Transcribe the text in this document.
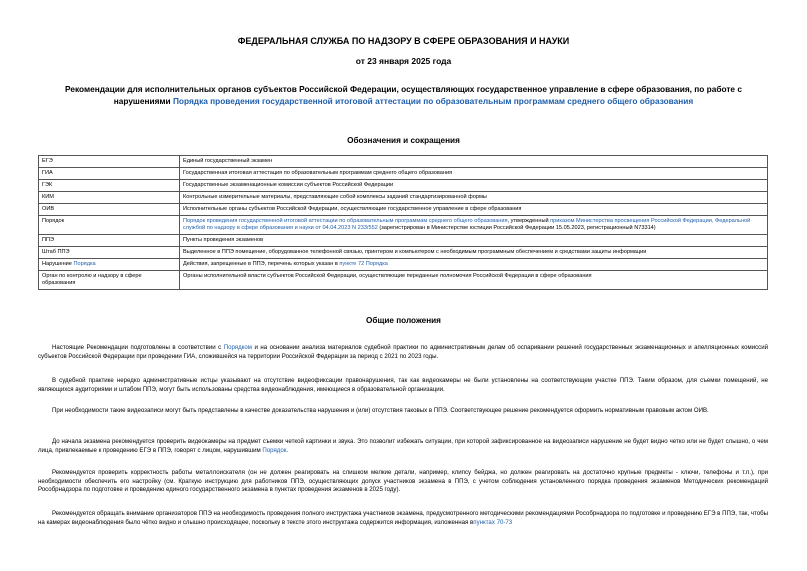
ФЕДЕРАЛЬНАЯ СЛУЖБА ПО НАДЗОРУ В СФЕРЕ ОБРАЗОВАНИЯ И НАУКИ
от 23 января 2025 года
Рекомендации для исполнительных органов субъектов Российской Федерации, осуществляющих государственное управление в сфере образования, по работе с нарушениями Порядка проведения государственной итоговой аттестации по образовательным программам среднего общего образования
Обозначения и сокращения
ЕГЭ	Единый государственный экзамен
ГИА	Государственная итоговая аттестация по образовательным программам среднего общего образования
ГЭК	Государственные экзаменационные комиссии субъектов Российской Федерации
КИМ	Контрольные измерительные материалы, представляющие собой комплексы заданий стандартизированной формы
ОИВ	Исполнительные органы субъектов Российской Федерации, осуществляющие государственное управление в сфере образования
Порядок	Порядок проведения государственной итоговой аттестации по образовательным программам среднего общего образования, утвержденный приказом Министерства просвещения Российской Федерации, Федеральной службой по надзору в сфере образования и науки от 04.04.2023 N 233/552 (зарегистрирован в Министерстве юстиции Российской Федерации 15.05.2023, регистрационный N73314)
ППЭ	Пункты проведения экзаменов
Штаб ППЭ	Выделенное в ППЭ помещение, оборудованное телефонной связью, принтером и компьютером с необходимым программным обеспечением и средствами защиты информации
Нарушение Порядка	Действия, запрещенные в ППЭ, перечень которых указан в пункте 72 Порядка
Орган по контролю и надзору в сфере образования	Органы исполнительной власти субъектов Российской Федерации, осуществляющие переданные полномочия Российской Федерации в сфере образования
Общие положения
Настоящие Рекомендации подготовлены в соответствии с Порядком и на основании анализа материалов судебной практики по административным делам об оспаривании решений государственных экзаменационных и апелляционных комиссий субъектов Российской Федерации при проведении ГИА, сложившейся на территории Российской Федерации за период с 2021 по 2023 годы.
В судебной практике нередко административные истцы указывают на отсутствие видеофиксации правонарушения, так как видеокамеры не были установлены на соответствующем участке ППЭ. Таким образом, для съемки помещений, не являющихся аудиториями и штабом ППЭ, могут быть использованы средства видеонаблюдения, имеющиеся в образовательной организации.
При необходимости такие видеозаписи могут быть представлены в качестве доказательства нарушения и (или) отсутствия таковых в ППЭ. Соответствующее решение рекомендуется оформить нормативным правовым актом ОИВ.
До начала экзамена рекомендуется проверить видеокамеры на предмет съемки четкой картинки и звука. Это позволит избежать ситуации, при которой зафиксированное на видеозаписи нарушение не будет видно четко или не будет слышно, о чем лица, привлекаемые к проведению ЕГЭ в ППЭ, говорят с лицом, нарушившим Порядок.
Рекомендуется проверить корректность работы металлоискателя (он не должен реагировать на слишком мелкие детали, например, клипсу бейджа, но должен реагировать на достаточно крупные предметы - ключи, телефоны и т.п.), при необходимости обеспечить его настройку (см. Краткую инструкцию для работников ППЭ, осуществляющих допуск участников экзамена в ППЭ, с учетом соблюдения установленного порядка проведения экзаменов Методических рекомендаций Рособрнадзора по подготовке и проведению единого государственного экзамена в пунктах проведения экзаменов в 2025 году).
Рекомендуется обращать внимание организаторов ППЭ на необходимость проведения полного инструктажа участников экзамена, предусмотренного методическими рекомендациями Рособрнадзора по подготовке и проведению ЕГЭ в ППЭ, так, чтобы на камерах видеонаблюдения было чётко видно и слышно происходящее, поскольку в тексте этого инструктажа содержится информация, изложенная впунктах 70-73
